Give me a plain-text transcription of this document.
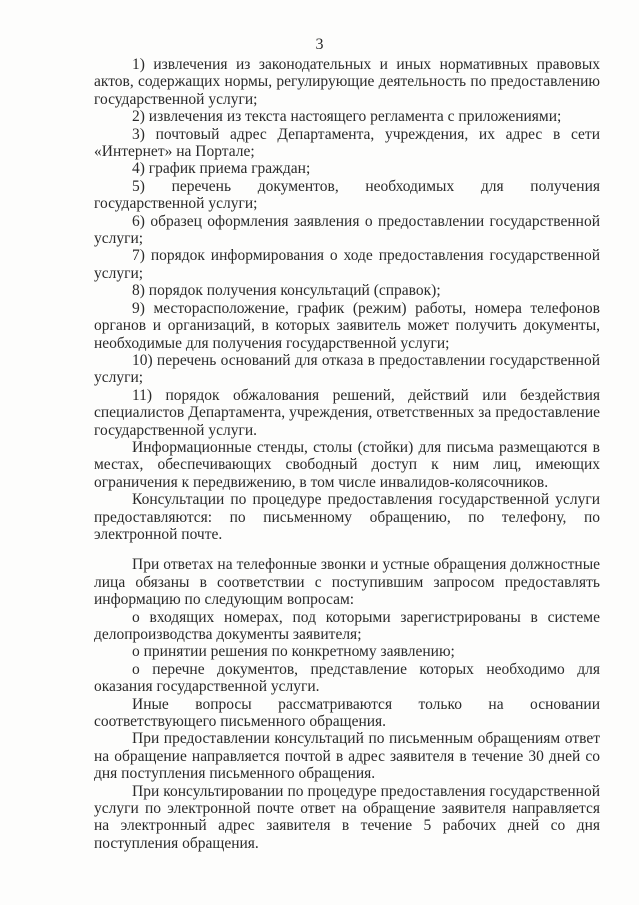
3

1) извлечения из законодательных и иных нормативных правовых актов, содержащих нормы, регулирующие деятельность по предоставлению государственной услуги;

2) извлечения из текста настоящего регламента с приложениями;

3) почтовый адрес Департамента, учреждения, их адрес в сети «Интернет» на Портале;

4) график приема граждан;

5) перечень документов, необходимых для получения государственной услуги;

6) образец оформления заявления о предоставлении государственной услуги;

7) порядок информирования о ходе предоставления государственной услуги;

8) порядок получения консультаций (справок);

9) месторасположение, график (режим) работы, номера телефонов органов и организаций, в которых заявитель может получить документы, необходимые для получения государственной услуги;

10) перечень оснований для отказа в предоставлении государственной услуги;

11) порядок обжалования решений, действий или бездействия специалистов Департамента, учреждения, ответственных за предоставление государственной услуги.

Информационные стенды, столы (стойки) для письма размещаются в местах, обеспечивающих свободный доступ к ним лиц, имеющих ограничения к передвижению, в том числе инвалидов-колясочников.

Консультации по процедуре предоставления государственной услуги предоставляются: по письменному обращению, по телефону, по электронной почте.

При ответах на телефонные звонки и устные обращения должностные лица обязаны в соответствии с поступившим запросом предоставлять информацию по следующим вопросам:

о входящих номерах, под которыми зарегистрированы в системе делопроизводства документы заявителя;

о принятии решения по конкретному заявлению;

о перечне документов, представление которых необходимо для оказания государственной услуги.

Иные вопросы рассматриваются только на основании соответствующего письменного обращения.

При предоставлении консультаций по письменным обращениям ответ на обращение направляется почтой в адрес заявителя в течение 30 дней со дня поступления письменного обращения.

При консультировании по процедуре предоставления государственной услуги по электронной почте ответ на обращение заявителя направляется на электронный адрес заявителя в течение 5 рабочих дней со дня поступления обращения.
